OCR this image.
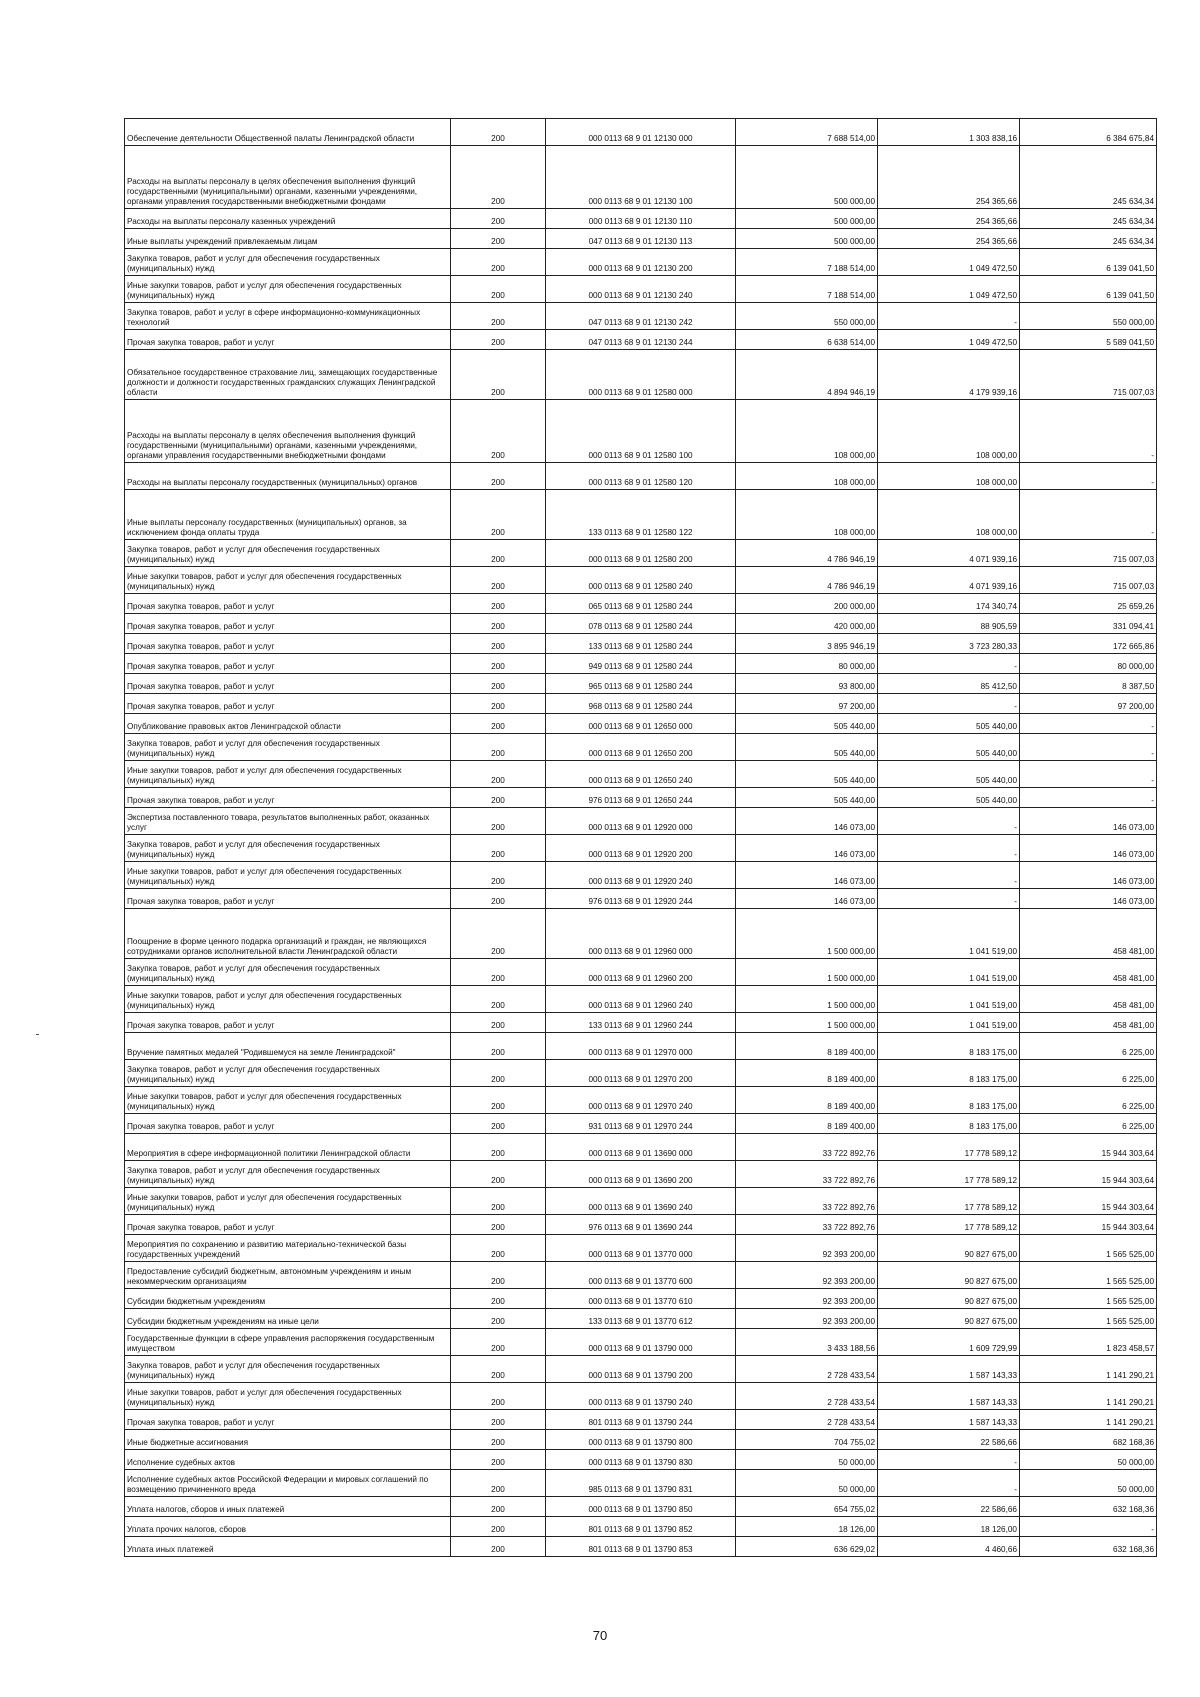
Обеспечение деятельности Общественной палаты Ленинградской области	200	000 0113 68 9 01 12130 000	7 688 514,00	1 303 838,16	6 384 675,84
Расходы на выплаты персоналу в целях обеспечения выполнения функций государственными (муниципальными) органами, казенными учреждениями, органами управления государственными внебюджетными фондами	200	000 0113 68 9 01 12130 100	500 000,00	254 365,66	245 634,34
Расходы на выплаты персоналу казенных учреждений	200	000 0113 68 9 01 12130 110	500 000,00	254 365,66	245 634,34
Иные выплаты учреждений привлекаемым лицам	200	047 0113 68 9 01 12130 113	500 000,00	254 365,66	245 634,34
Закупка товаров, работ и услуг для обеспечения государственных (муниципальных) нужд	200	000 0113 68 9 01 12130 200	7 188 514,00	1 049 472,50	6 139 041,50
Иные закупки товаров, работ и услуг для обеспечения государственных (муниципальных) нужд	200	000 0113 68 9 01 12130 240	7 188 514,00	1 049 472,50	6 139 041,50
Закупка товаров, работ и услуг в сфере информационно-коммуникационных технологий	200	047 0113 68 9 01 12130 242	550 000,00	-	550 000,00
Прочая закупка товаров, работ и услуг	200	047 0113 68 9 01 12130 244	6 638 514,00	1 049 472,50	5 589 041,50
Обязательное государственное страхование лиц, замещающих государственные должности и должности государственных гражданских служащих Ленинградской области	200	000 0113 68 9 01 12580 000	4 894 946,19	4 179 939,16	715 007,03
Расходы на выплаты персоналу в целях обеспечения выполнения функций государственными (муниципальными) органами, казенными учреждениями, органами управления государственными внебюджетными фондами	200	000 0113 68 9 01 12580 100	108 000,00	108 000,00	-
Расходы на выплаты персоналу государственных (муниципальных) органов	200	000 0113 68 9 01 12580 120	108 000,00	108 000,00	-
Иные выплаты персоналу государственных (муниципальных) органов, за исключением фонда оплаты труда	200	133 0113 68 9 01 12580 122	108 000,00	108 000,00	-
Закупка товаров, работ и услуг для обеспечения государственных (муниципальных) нужд	200	000 0113 68 9 01 12580 200	4 786 946,19	4 071 939,16	715 007,03
Иные закупки товаров, работ и услуг для обеспечения государственных (муниципальных) нужд	200	000 0113 68 9 01 12580 240	4 786 946,19	4 071 939,16	715 007,03
Прочая закупка товаров, работ и услуг	200	065 0113 68 9 01 12580 244	200 000,00	174 340,74	25 659,26
Прочая закупка товаров, работ и услуг	200	078 0113 68 9 01 12580 244	420 000,00	88 905,59	331 094,41
Прочая закупка товаров, работ и услуг	200	133 0113 68 9 01 12580 244	3 895 946,19	3 723 280,33	172 665,86
Прочая закупка товаров, работ и услуг	200	949 0113 68 9 01 12580 244	80 000,00	-	80 000,00
Прочая закупка товаров, работ и услуг	200	965 0113 68 9 01 12580 244	93 800,00	85 412,50	8 387,50
Прочая закупка товаров, работ и услуг	200	968 0113 68 9 01 12580 244	97 200,00	-	97 200,00
Опубликование правовых актов Ленинградской области	200	000 0113 68 9 01 12650 000	505 440,00	505 440,00	-
Закупка товаров, работ и услуг для обеспечения государственных (муниципальных) нужд	200	000 0113 68 9 01 12650 200	505 440,00	505 440,00	-
Иные закупки товаров, работ и услуг для обеспечения государственных (муниципальных) нужд	200	000 0113 68 9 01 12650 240	505 440,00	505 440,00	-
Прочая закупка товаров, работ и услуг	200	976 0113 68 9 01 12650 244	505 440,00	505 440,00	-
Экспертиза поставленного товара, результатов выполненных работ, оказанных услуг	200	000 0113 68 9 01 12920 000	146 073,00	-	146 073,00
Закупка товаров, работ и услуг для обеспечения государственных (муниципальных) нужд	200	000 0113 68 9 01 12920 200	146 073,00	-	146 073,00
Иные закупки товаров, работ и услуг для обеспечения государственных (муниципальных) нужд	200	000 0113 68 9 01 12920 240	146 073,00	-	146 073,00
Прочая закупка товаров, работ и услуг	200	976 0113 68 9 01 12920 244	146 073,00	-	146 073,00
Поощрение в форме ценного подарка организаций и граждан, не являющихся сотрудниками органов исполнительной власти Ленинградской области	200	000 0113 68 9 01 12960 000	1 500 000,00	1 041 519,00	458 481,00
Закупка товаров, работ и услуг для обеспечения государственных (муниципальных) нужд	200	000 0113 68 9 01 12960 200	1 500 000,00	1 041 519,00	458 481,00
Иные закупки товаров, работ и услуг для обеспечения государственных (муниципальных) нужд	200	000 0113 68 9 01 12960 240	1 500 000,00	1 041 519,00	458 481,00
Прочая закупка товаров, работ и услуг	200	133 0113 68 9 01 12960 244	1 500 000,00	1 041 519,00	458 481,00
Вручение памятных медалей "Родившемуся на земле Ленинградской"	200	000 0113 68 9 01 12970 000	8 189 400,00	8 183 175,00	6 225,00
Закупка товаров, работ и услуг для обеспечения государственных (муниципальных) нужд	200	000 0113 68 9 01 12970 200	8 189 400,00	8 183 175,00	6 225,00
Иные закупки товаров, работ и услуг для обеспечения государственных (муниципальных) нужд	200	000 0113 68 9 01 12970 240	8 189 400,00	8 183 175,00	6 225,00
Прочая закупка товаров, работ и услуг	200	931 0113 68 9 01 12970 244	8 189 400,00	8 183 175,00	6 225,00
Мероприятия в сфере информационной политики Ленинградской области	200	000 0113 68 9 01 13690 000	33 722 892,76	17 778 589,12	15 944 303,64
Закупка товаров, работ и услуг для обеспечения государственных (муниципальных) нужд	200	000 0113 68 9 01 13690 200	33 722 892,76	17 778 589,12	15 944 303,64
Иные закупки товаров, работ и услуг для обеспечения государственных (муниципальных) нужд	200	000 0113 68 9 01 13690 240	33 722 892,76	17 778 589,12	15 944 303,64
Прочая закупка товаров, работ и услуг	200	976 0113 68 9 01 13690 244	33 722 892,76	17 778 589,12	15 944 303,64
Мероприятия по сохранению и развитию материально-технической базы государственных учреждений	200	000 0113 68 9 01 13770 000	92 393 200,00	90 827 675,00	1 565 525,00
Предоставление субсидий бюджетным, автономным учреждениям и иным некоммерческим организациям	200	000 0113 68 9 01 13770 600	92 393 200,00	90 827 675,00	1 565 525,00
Субсидии бюджетным учреждениям	200	000 0113 68 9 01 13770 610	92 393 200,00	90 827 675,00	1 565 525,00
Субсидии бюджетным учреждениям на иные цели	200	133 0113 68 9 01 13770 612	92 393 200,00	90 827 675,00	1 565 525,00
Государственные функции в сфере управления распоряжения государственным имуществом	200	000 0113 68 9 01 13790 000	3 433 188,56	1 609 729,99	1 823 458,57
Закупка товаров, работ и услуг для обеспечения государственных (муниципальных) нужд	200	000 0113 68 9 01 13790 200	2 728 433,54	1 587 143,33	1 141 290,21
Иные закупки товаров, работ и услуг для обеспечения государственных (муниципальных) нужд	200	000 0113 68 9 01 13790 240	2 728 433,54	1 587 143,33	1 141 290,21
Прочая закупка товаров, работ и услуг	200	801 0113 68 9 01 13790 244	2 728 433,54	1 587 143,33	1 141 290,21
Иные бюджетные ассигнования	200	000 0113 68 9 01 13790 800	704 755,02	22 586,66	682 168,36
Исполнение судебных актов	200	000 0113 68 9 01 13790 830	50 000,00	-	50 000,00
Исполнение судебных актов Российской Федерации и мировых соглашений по возмещению причиненного вреда	200	985 0113 68 9 01 13790 831	50 000,00	-	50 000,00
Уплата налогов, сборов и иных платежей	200	000 0113 68 9 01 13790 850	654 755,02	22 586,66	632 168,36
Уплата прочих налогов, сборов	200	801 0113 68 9 01 13790 852	18 126,00	18 126,00	-
Уплата иных платежей	200	801 0113 68 9 01 13790 853	636 629,02	4 460,66	632 168,36
70
